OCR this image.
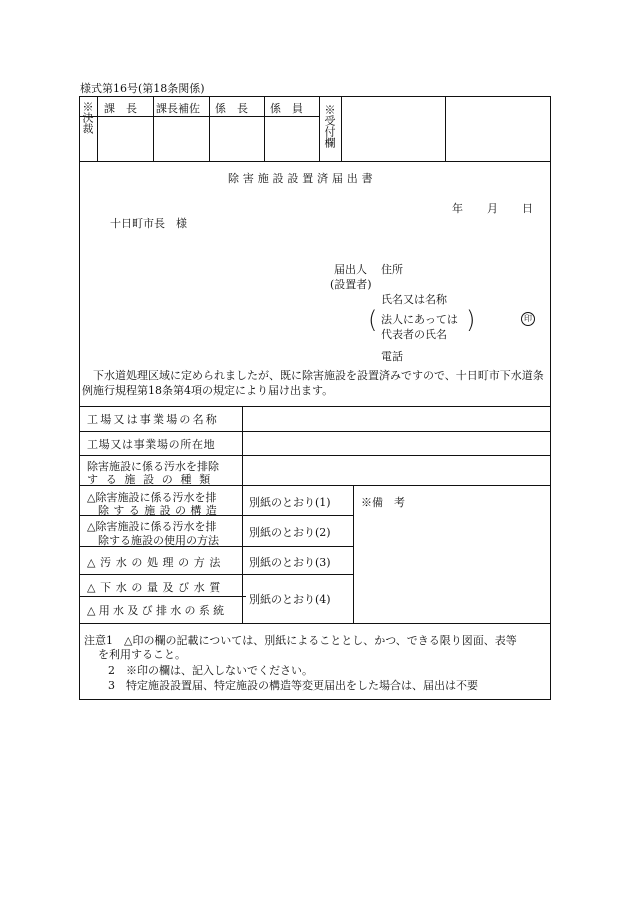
様式第16号(第18条関係)
※決裁 課　長 課長補佐 係　長 係　員 ※受付欄
除害施設設置済届出書
年 月 日
十日町市長　様
届出人 住所
(設置者)
氏名又は名称
( 法人にあっては
代表者の氏名
)	印
電話
　下水道処理区域に定められましたが、既に除害施設を設置済みですので、十日町市下水道条例施行規程第18条第4項の規定により届け出ます。
工場又は事業場の名称
工場又は事業場の所在地
除害施設に係る汚水を排除
する施設の種類
△除害施設に係る汚水を排
除する施設の構造
△除害施設に係る汚水を排
除する施設の使用の方法
△汚水の処理の方法
△下水の量及び水質
△用水及び排水の系統
別紙のとおり(1)
別紙のとおり(2)
別紙のとおり(3)
別紙のとおり(4)
※備　考
注意1　△印の欄の記載については、別紙によることとし、かつ、できる限り図面、表等
を利用すること。
2　※印の欄は、記入しないでください。
3　特定施設設置届、特定施設の構造等変更届出をした場合は、届出は不要
